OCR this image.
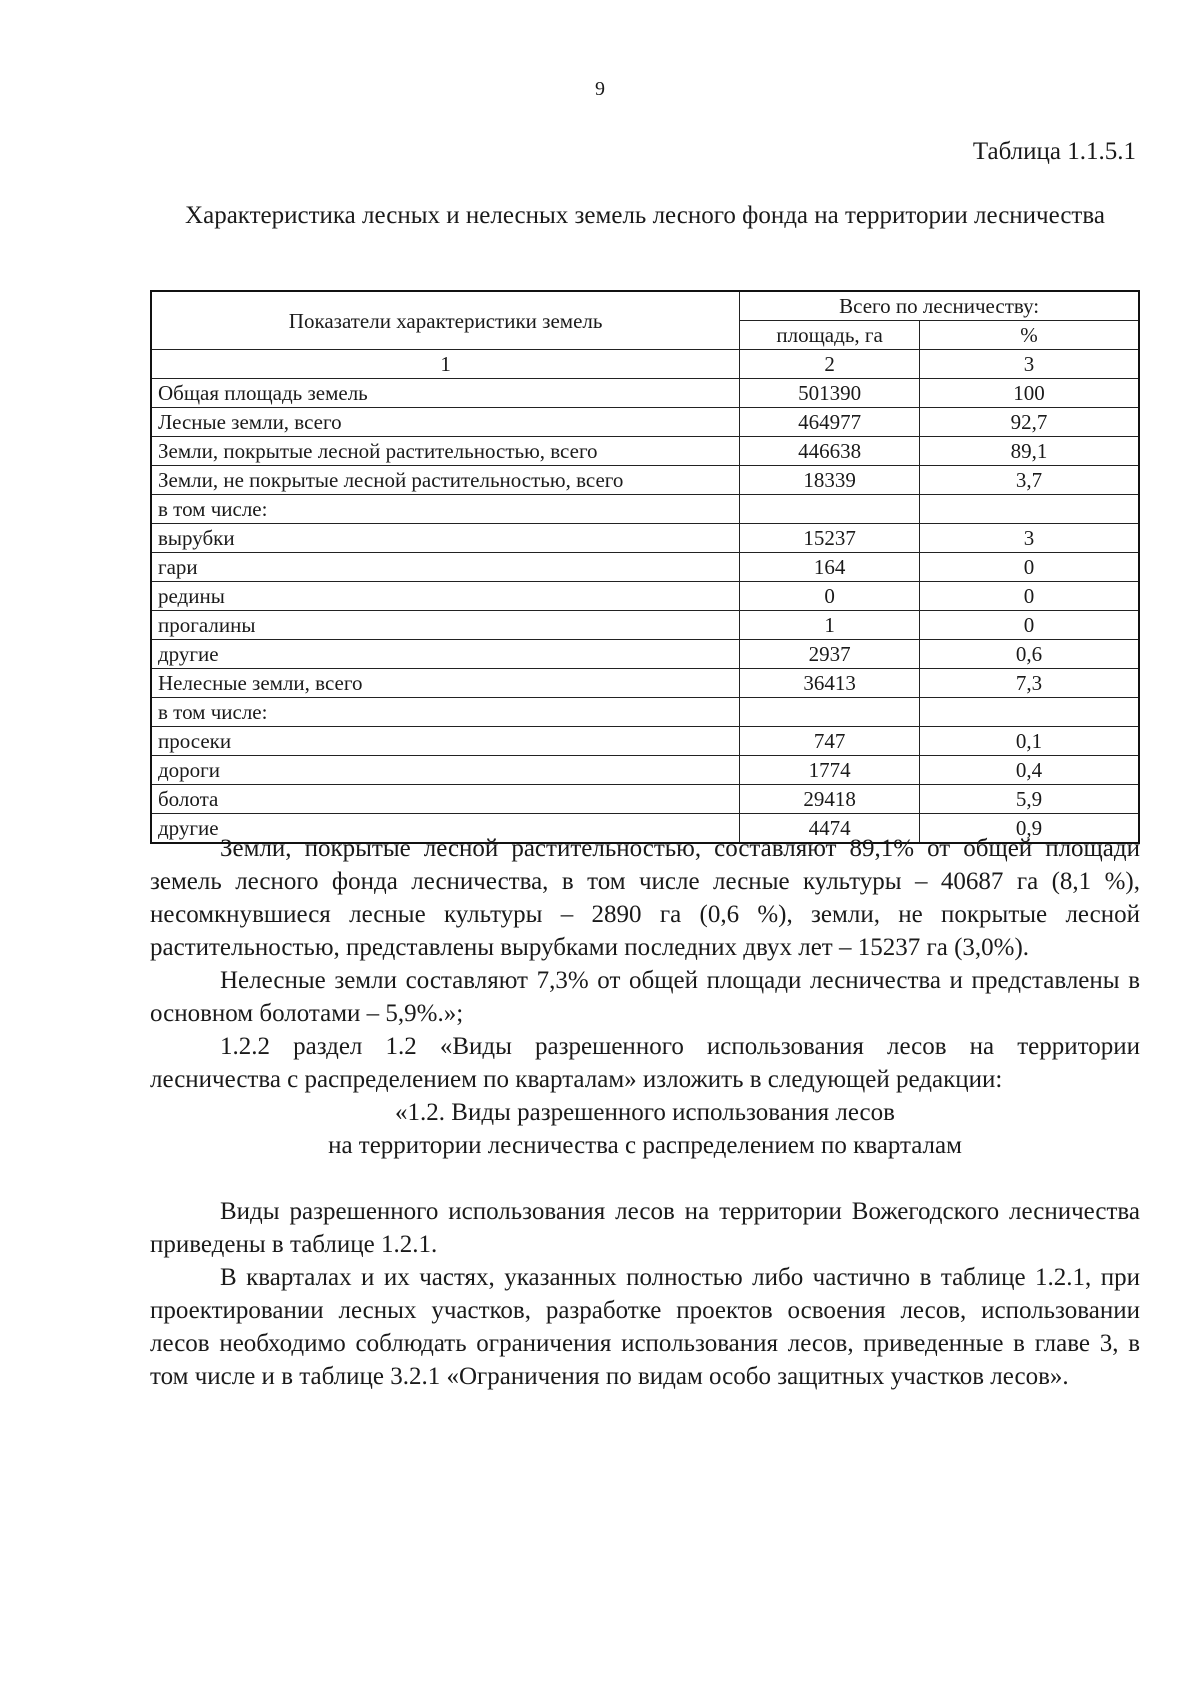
9
Таблица 1.1.5.1
Характеристика лесных и нелесных земель лесного фонда на территории лесничества
Показатели характеристики земель	Всего по лесничеству:	
	площадь, га	%
1	2	3
Общая площадь земель	501390	100
Лесные земли, всего	464977	92,7
Земли, покрытые лесной растительностью, всего	446638	89,1
Земли, не покрытые лесной растительностью, всего	18339	3,7
в том числе:		
вырубки	15237	3
гари	164	0
редины	0	0
прогалины	1	0
другие	2937	0,6
Нелесные земли, всего	36413	7,3
в том числе:		
просеки	747	0,1
дороги	1774	0,4
болота	29418	5,9
другие	4474	0,9

Земли, покрытые лесной растительностью, составляют 89,1% от общей площади земель лесного фонда лесничества, в том числе лесные культуры – 40687 га (8,1 %), несомкнувшиеся лесные культуры – 2890 га (0,6 %), земли, не покрытые лесной растительностью, представлены вырубками последних двух лет – 15237 га (3,0%).

Нелесные земли составляют 7,3% от общей площади лесничества и представлены в основном болотами – 5,9%.»;

1.2.2 раздел 1.2 «Виды разрешенного использования лесов на территории лесничества с распределением по кварталам» изложить в следующей редакции:

«1.2. Виды разрешенного использования лесов

на территории лесничества с распределением по кварталам

Виды разрешенного использования лесов на территории Вожегодского лесничества приведены в таблице 1.2.1.

В кварталах и их частях, указанных полностью либо частично в таблице 1.2.1, при проектировании лесных участков, разработке проектов освоения лесов, использовании лесов необходимо соблюдать ограничения использования лесов, приведенные в главе 3, в том числе и в таблице 3.2.1 «Ограничения по видам особо защитных участков лесов».
